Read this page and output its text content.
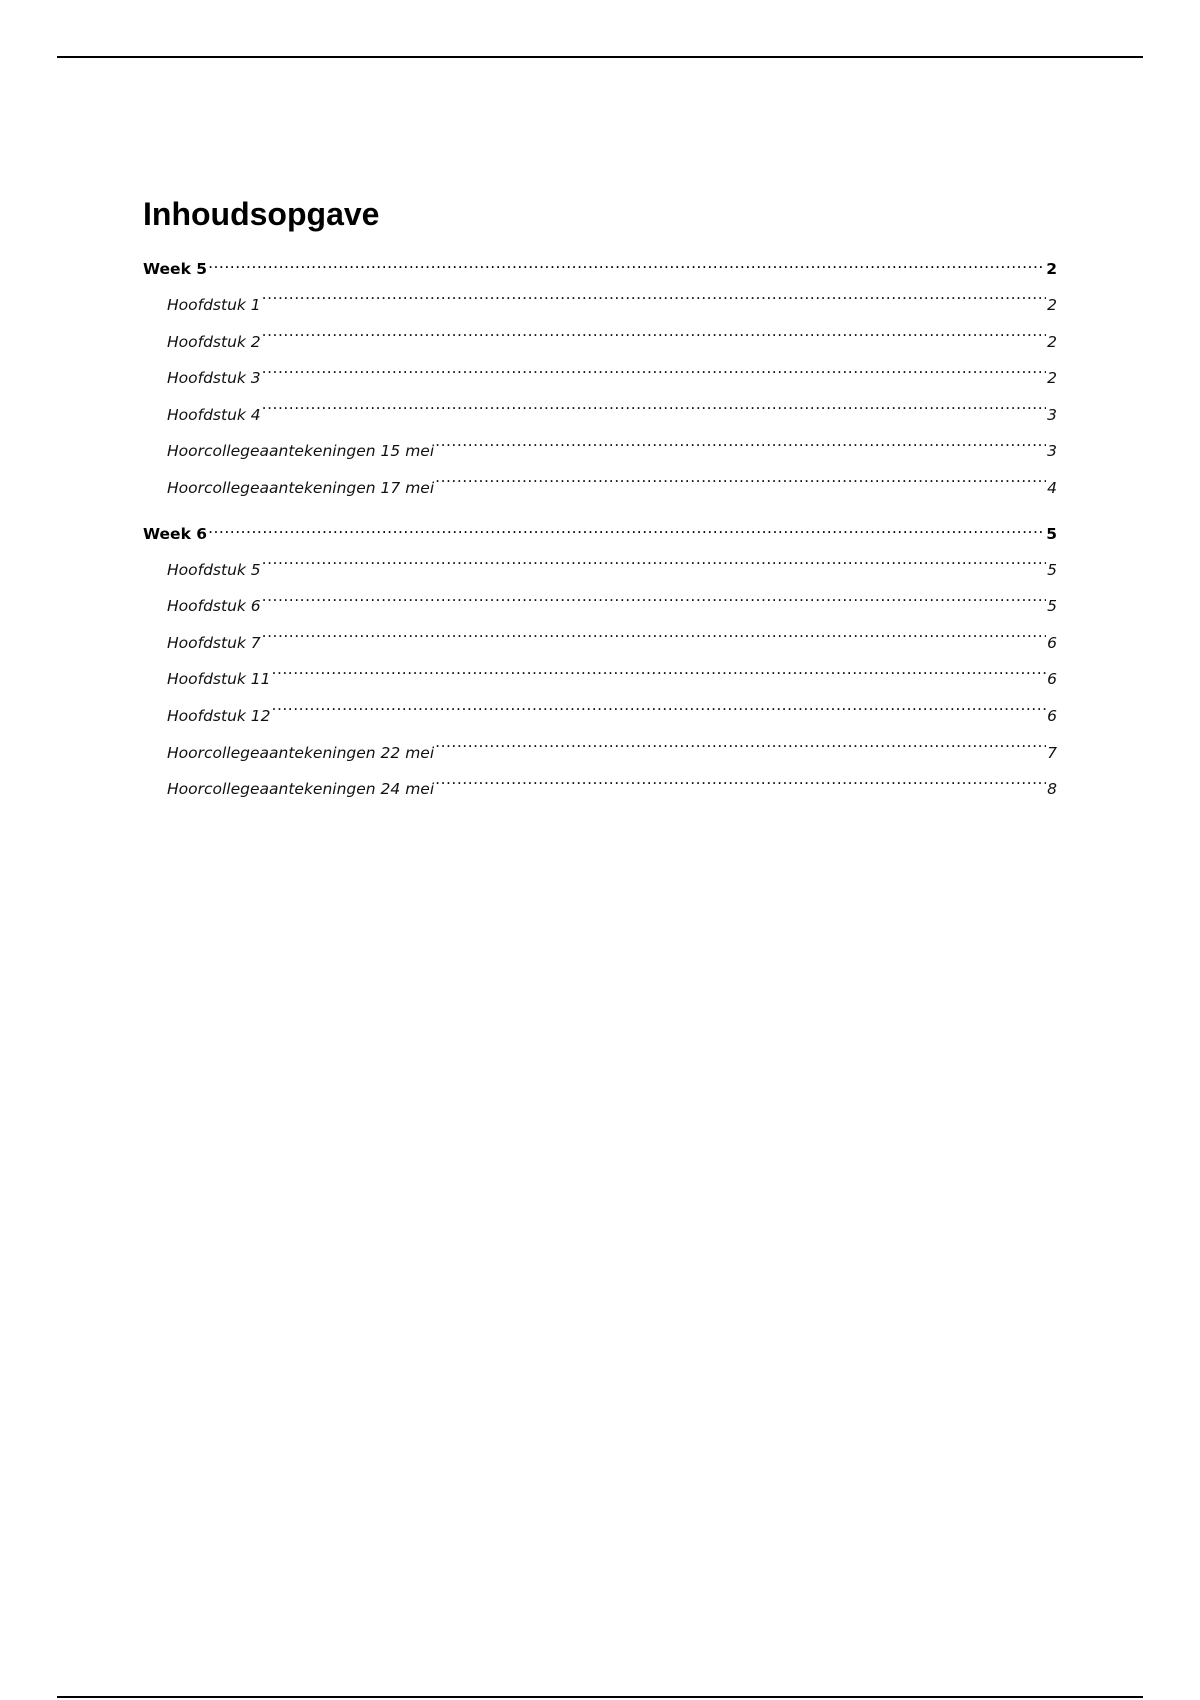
Inhoudsopgave
Week 5 .....	2
Hoofdstuk 1 .....	2
Hoofdstuk 2 .....	2
Hoofdstuk 3 .....	2
Hoofdstuk 4 .....	3
Hoorcollegeaantekeningen 15 mei .....	3
Hoorcollegeaantekeningen 17 mei .....	4
Week 6 .....	5
Hoofdstuk 5 .....	5
Hoofdstuk 6 .....	5
Hoofdstuk 7 .....	6
Hoofdstuk 11 .....	6
Hoofdstuk 12 .....	6
Hoorcollegeaantekeningen 22 mei .....	7
Hoorcollegeaantekeningen 24 mei .....	8
